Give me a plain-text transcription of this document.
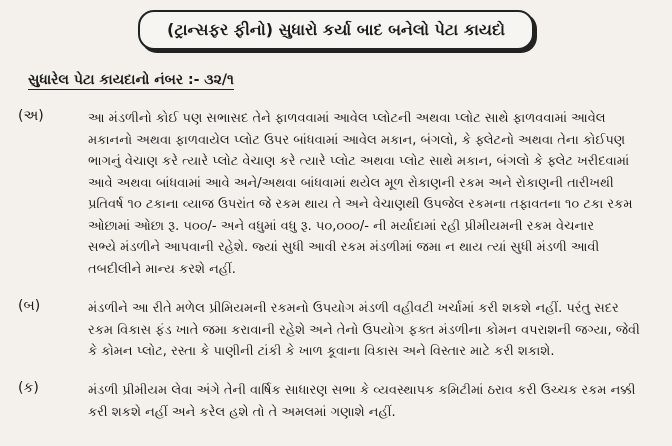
(ટ્રાન્સફર ફીનો) સુધારો કર્યા બાદ બનેલો પેટા કાયદો
સુધારેલ પેટા કાયદાનો નંબર :- ૩૨/૧
(અ)	આ મંડળીનો કોઈ પણ સભાસદ તેને ફાળવવામાં આવેલ પ્લોટની અથવા પ્લોટ સાથે ફાળવવામાં આવેલ
મકાનનો અથવા ફાળવાયેલ પ્લોટ ઉપર બાંધવામાં આવેલ મકાન, બંગલો, કે ફ્લેટનો અથવા તેના કોઈપણ
ભાગનું વેચાણ કરે ત્યારે પ્લોટ વેચાણ કરે ત્યારે પ્લોટ અથવા પ્લોટ સાથે મકાન, બંગલો કે ફ્લેટ ખરીદવામાં
આવે અથવા બાંધવામાં આવે અને/અથવા બાંધવામાં થયેલ મૂળ રોકાણની રકમ અને રોકાણની તારીખથી
પ્રતિવર્ષ ૧૦ ટકાના વ્યાજ ઉપરાંત જે રકમ થાય તે અને વેચાણથી ઉપજેલ રકમના તફાવતના ૧૦ ટકા રકમ
ઓછામાં ઓછા રૂ. ૫૦૦/- અને વધુમાં વધુ રૂ. ૫૦,૦૦૦/- ની મર્યાદામાં રહી પ્રીમીયમની રકમ વેચનાર
સભ્યે મંડળીને આપવાની રહેશે. જ્યાં સુધી આવી રકમ મંડળીમાં જમા ન થાય ત્યાં સુધી મંડળી આવી
તબદીલીને માન્ય કરશે નહીં.
(બ)	મંડળીને આ રીતે મળેલ પ્રીમિયમની રકમનો ઉપયોગ મંડળી વહીવટી ખર્ચામાં કરી શકશે નહીં. પરંતુ સદર
રકમ વિકાસ ફંડ ખાતે જમા કરાવાની રહેશે અને તેનો ઉપયોગ ફક્ત મંડળીના કોમન વપરાશની જગ્યા, જેવી
કે કોમન પ્લોટ, રસ્તા કે પાણીની ટાંકી કે ખાળ કૂવાના વિકાસ અને વિસ્તાર માટે કરી શકાશે.
(ક)	મંડળી પ્રીમીયમ લેવા અંગે તેની વાર્ષિક સાધારણ સભા કે વ્યવસ્થાપક કમિટીમાં ઠરાવ કરી ઉચ્ચક રકમ નક્કી
કરી શકશે નહીં અને કરેલ હશે તો તે અમલમાં ગણાશે નહીં.
